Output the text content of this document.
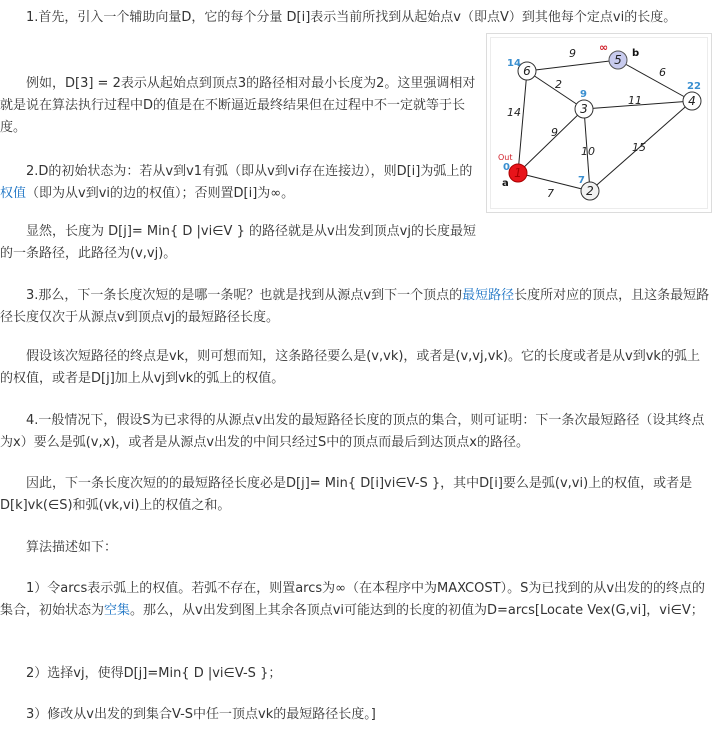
1.首先，引入一个辅助向量D，它的每个分量 D[i]表示当前所找到从起始点v（即点V）到其他每个定点vi的长度。

例如，D[3] = 2表示从起始点到顶点3的路径相对最小长度为2。这里强调相对就是说在算法执行过程中D的值是在不断逼近最终结果但在过程中不一定就等于长度。

2.D的初始状态为：若从v到v1有弧（即从v到vi存在连接边），则D[i]为弧上的权值（即为从v到vi的边的权值）；否则置D[i]为∞。

显然，长度为 D[j]= Min{ D |vi∈V } 的路径就是从v出发到顶点vj的长度最短的一条路径，此路径为(v,vj)。

3.那么，下一条长度次短的是哪一条呢？也就是找到从源点v到下一个顶点的最短路径长度所对应的顶点，且这条最短路径长度仅次于从源点v到顶点vj的最短路径长度。

假设该次短路径的终点是vk，则可想而知，这条路径要么是(v,vk)，或者是(v,vj,vk)。它的长度或者是从v到vk的弧上的权值，或者是D[j]加上从vj到vk的弧上的权值。

4.一般情况下，假设S为已求得的从源点v出发的最短路径长度的顶点的集合，则可证明：下一条次最短路径（设其终点为x）要么是弧(v,x)，或者是从源点v出发的中间只经过S中的顶点而最后到达顶点x的路径。

因此，下一条长度次短的的最短路径长度必是D[j]= Min{ D[i]vi∈V-S }，其中D[i]要么是弧(v,vi)上的权值，或者是D[k]vk(∈S)和弧(vk,vi)上的权值之和。

算法描述如下：

1）令arcs表示弧上的权值。若弧不存在，则置arcs为∞（在本程序中为MAXCOST）。S为已找到的从v出发的的终点的集合，初始状态为空集。那么，从v出发到图上其余各顶点vi可能达到的长度的初值为D=arcs[Locate Vex(G,vi]，vi∈V；

2）选择vj，使得D[j]=Min{ D |vi∈V-S }；

3）修改从v出发的到集合V-S中任一顶点vk的最短路径长度。]

9
2
14
6
11
9
10	15
7
6
14	5
∞ b
3
9	4
22
1
Out
0
a
2
7
